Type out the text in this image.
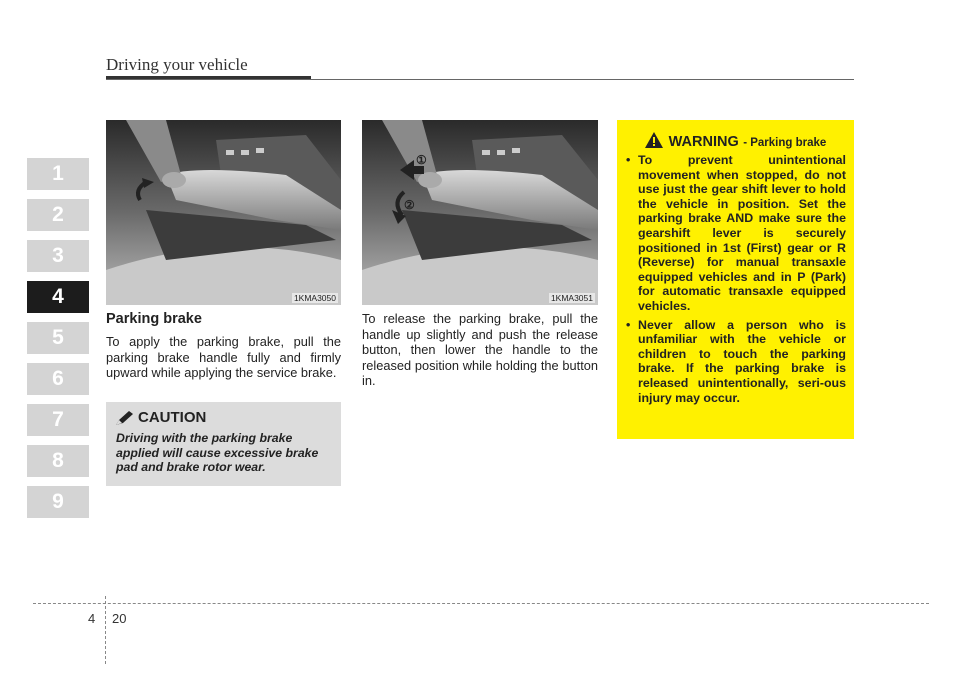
Driving your vehicle
1
2
3
4
5
6
7
8
9
1KMA3050
①
②
1KMA3051
Parking brake
To apply the parking brake, pull the parking brake handle fully and firmly upward while applying the service brake.
To release the parking brake, pull the handle up slightly and push the release button, then lower the handle to the released position while holding the button in.
CAUTION
Driving with the parking brake applied will cause excessive brake pad and brake rotor wear.
WARNING - Parking brake
• To prevent unintentional movement when stopped, do not use just the gear shift lever to hold the vehicle in position. Set the parking brake AND make sure the gearshift lever is securely positioned in 1st (First) gear or R (Reverse) for manual transaxle equipped vehicles and in P (Park) for automatic transaxle equipped vehicles.
• Never allow a person who is unfamiliar with the vehicle or children to touch the parking brake. If the parking brake is released unintentionally, seri-ous injury may occur.
4 20
